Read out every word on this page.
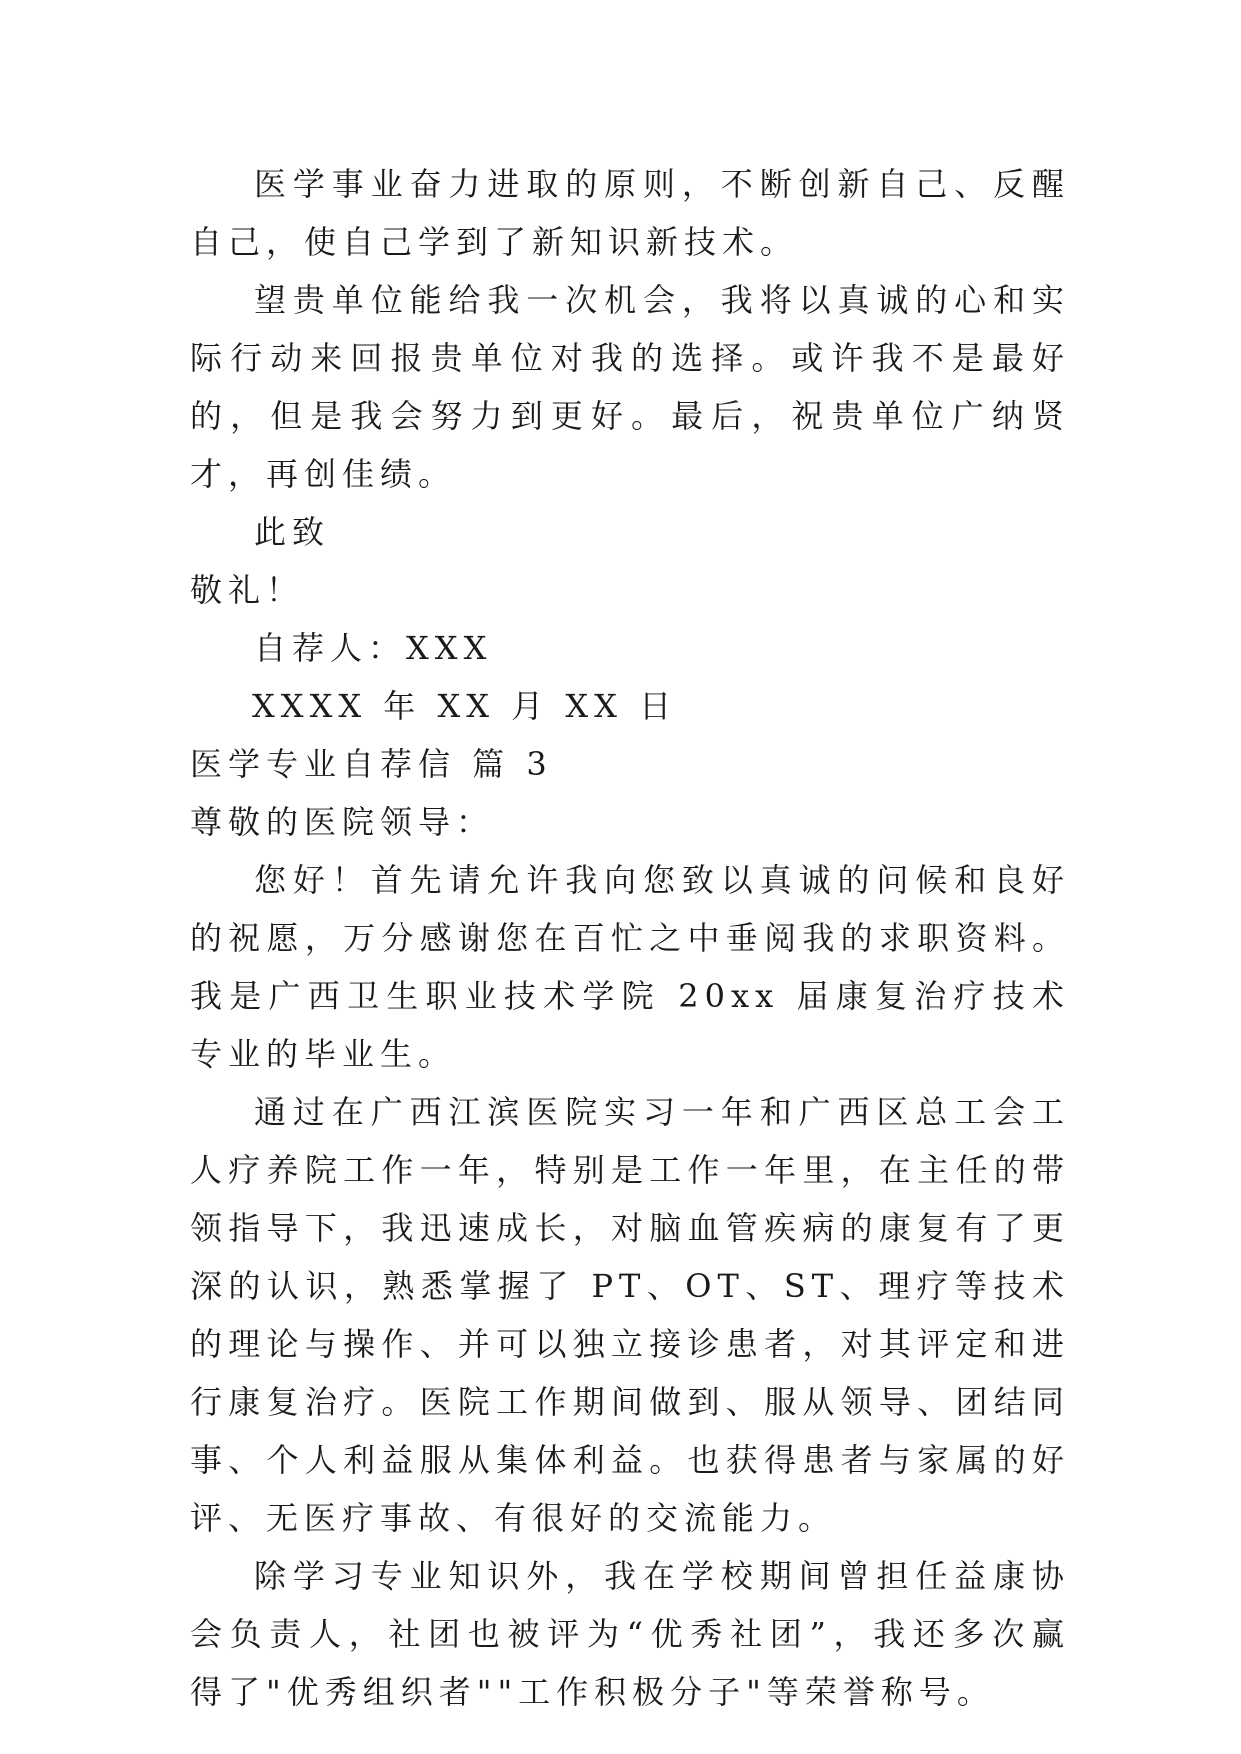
医学事业奋力进取的原则，不断创新自己、反醒自己，使自己学到了新知识新技术。

望贵单位能给我一次机会，我将以真诚的心和实际行动来回报贵单位对我的选择。或许我不是最好的，但是我会努力到更好。最后，祝贵单位广纳贤才，再创佳绩。

此致

敬礼！

自荐人：XXX

XXXX 年 XX 月 XX 日

医学专业自荐信 篇 3

尊敬的医院领导：

您好！首先请允许我向您致以真诚的问候和良好的祝愿，万分感谢您在百忙之中垂阅我的求职资料。我是广西卫生职业技术学院 20xx 届康复治疗技术专业的毕业生。

通过在广西江滨医院实习一年和广西区总工会工人疗养院工作一年，特别是工作一年里，在主任的带领指导下，我迅速成长，对脑血管疾病的康复有了更深的认识，熟悉掌握了 PT、OT、ST、理疗等技术的理论与操作、并可以独立接诊患者，对其评定和进行康复治疗。医院工作期间做到、服从领导、团结同事、个人利益服从集体利益。也获得患者与家属的好评、无医疗事故、有很好的交流能力。

除学习专业知识外，我在学校期间曾担任益康协会负责人，社团也被评为“优秀社团”，我还多次赢得了"优秀组织者""工作积极分子"等荣誉称号。
